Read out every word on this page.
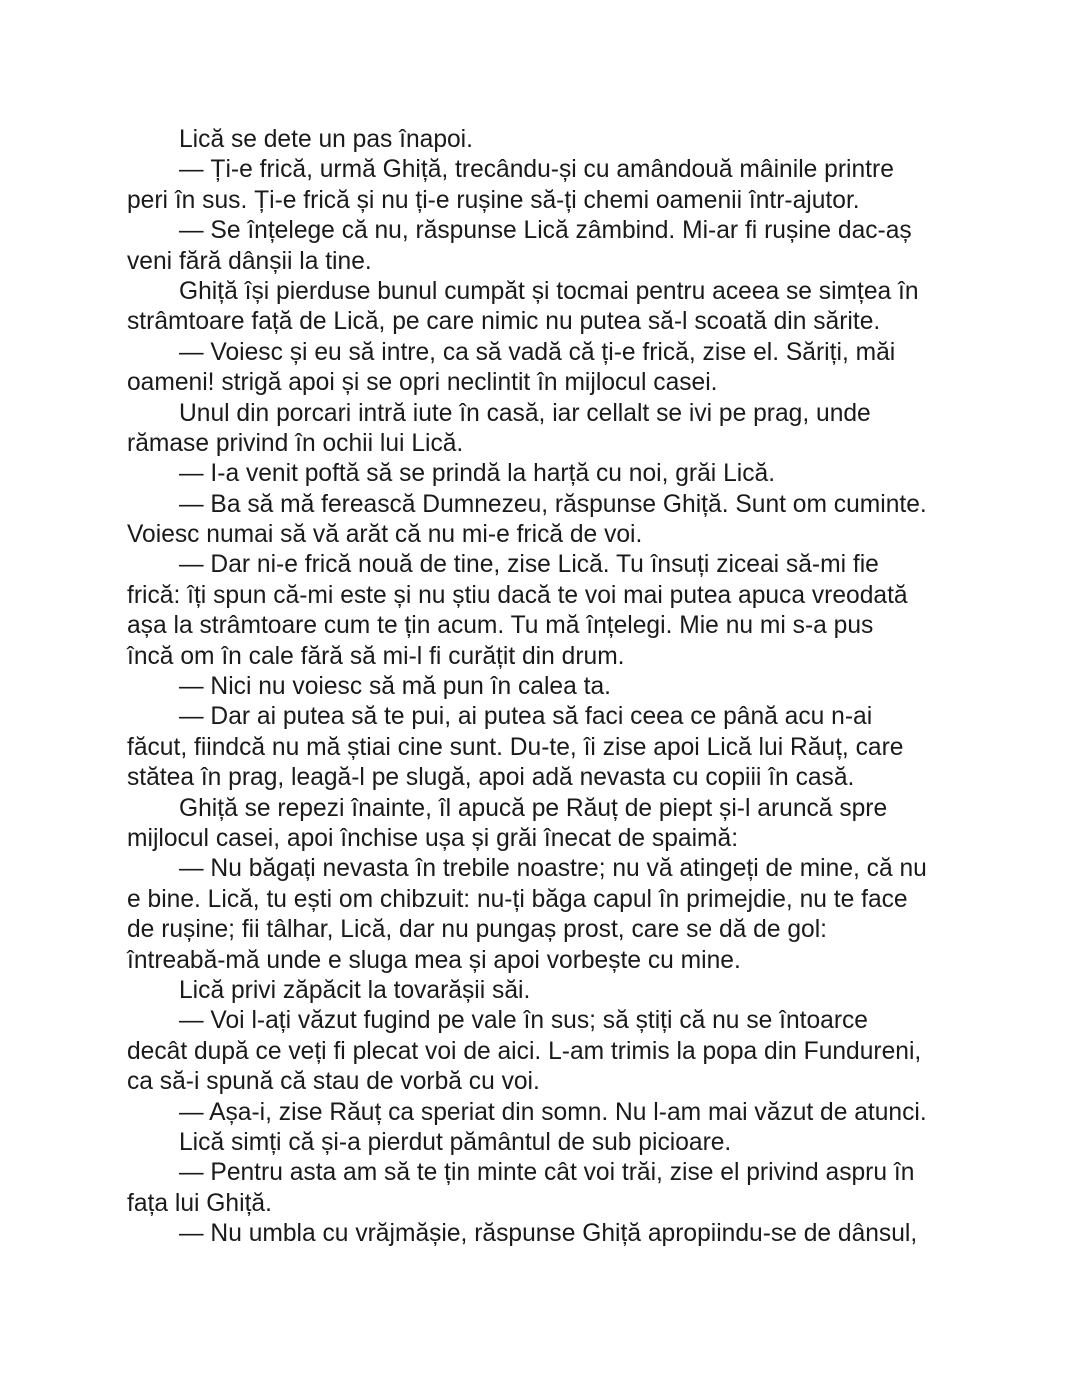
Lică se dete un pas înapoi.
— Ți-e frică, urmă Ghiță, trecându-și cu amândouă mâinile printre
peri în sus. Ți-e frică și nu ți-e rușine să-ți chemi oamenii într-ajutor.
— Se înțelege că nu, răspunse Lică zâmbind. Mi-ar fi rușine dac-aș
veni fără dânșii la tine.
Ghiță își pierduse bunul cumpăt și tocmai pentru aceea se simțea în
strâmtoare față de Lică, pe care nimic nu putea să-l scoată din sărite.
— Voiesc și eu să intre, ca să vadă că ți-e frică, zise el. Săriți, măi
oameni! strigă apoi și se opri neclintit în mijlocul casei.
Unul din porcari intră iute în casă, iar cellalt se ivi pe prag, unde
rămase privind în ochii lui Lică.
— I-a venit poftă să se prindă la harță cu noi, grăi Lică.
— Ba să mă ferească Dumnezeu, răspunse Ghiță. Sunt om cuminte.
Voiesc numai să vă arăt că nu mi-e frică de voi.
— Dar ni-e frică nouă de tine, zise Lică. Tu însuți ziceai să-mi fie
frică: îți spun că-mi este și nu știu dacă te voi mai putea apuca vreodată
așa la strâmtoare cum te țin acum. Tu mă înțelegi. Mie nu mi s-a pus
încă om în cale fără să mi-l fi curățit din drum.
— Nici nu voiesc să mă pun în calea ta.
— Dar ai putea să te pui, ai putea să faci ceea ce până acu n-ai
făcut, fiindcă nu mă știai cine sunt. Du-te, îi zise apoi Lică lui Răuț, care
stătea în prag, leagă-l pe slugă, apoi adă nevasta cu copiii în casă.
Ghiță se repezi înainte, îl apucă pe Răuț de piept și-l aruncă spre
mijlocul casei, apoi închise ușa și grăi înecat de spaimă:
— Nu băgați nevasta în trebile noastre; nu vă atingeți de mine, că nu
e bine. Lică, tu ești om chibzuit: nu-ți băga capul în primejdie, nu te face
de rușine; fii tâlhar, Lică, dar nu pungaș prost, care se dă de gol:
întreabă-mă unde e sluga mea și apoi vorbește cu mine.
Lică privi zăpăcit la tovarășii săi.
— Voi l-ați văzut fugind pe vale în sus; să știți că nu se întoarce
decât după ce veți fi plecat voi de aici. L-am trimis la popa din Fundureni,
ca să-i spună că stau de vorbă cu voi.
— Așa-i, zise Răuț ca speriat din somn. Nu l-am mai văzut de atunci.
Lică simți că și-a pierdut pământul de sub picioare.
— Pentru asta am să te țin minte cât voi trăi, zise el privind aspru în
fața lui Ghiță.
— Nu umbla cu vrăjmășie, răspunse Ghiță apropiindu-se de dânsul,
